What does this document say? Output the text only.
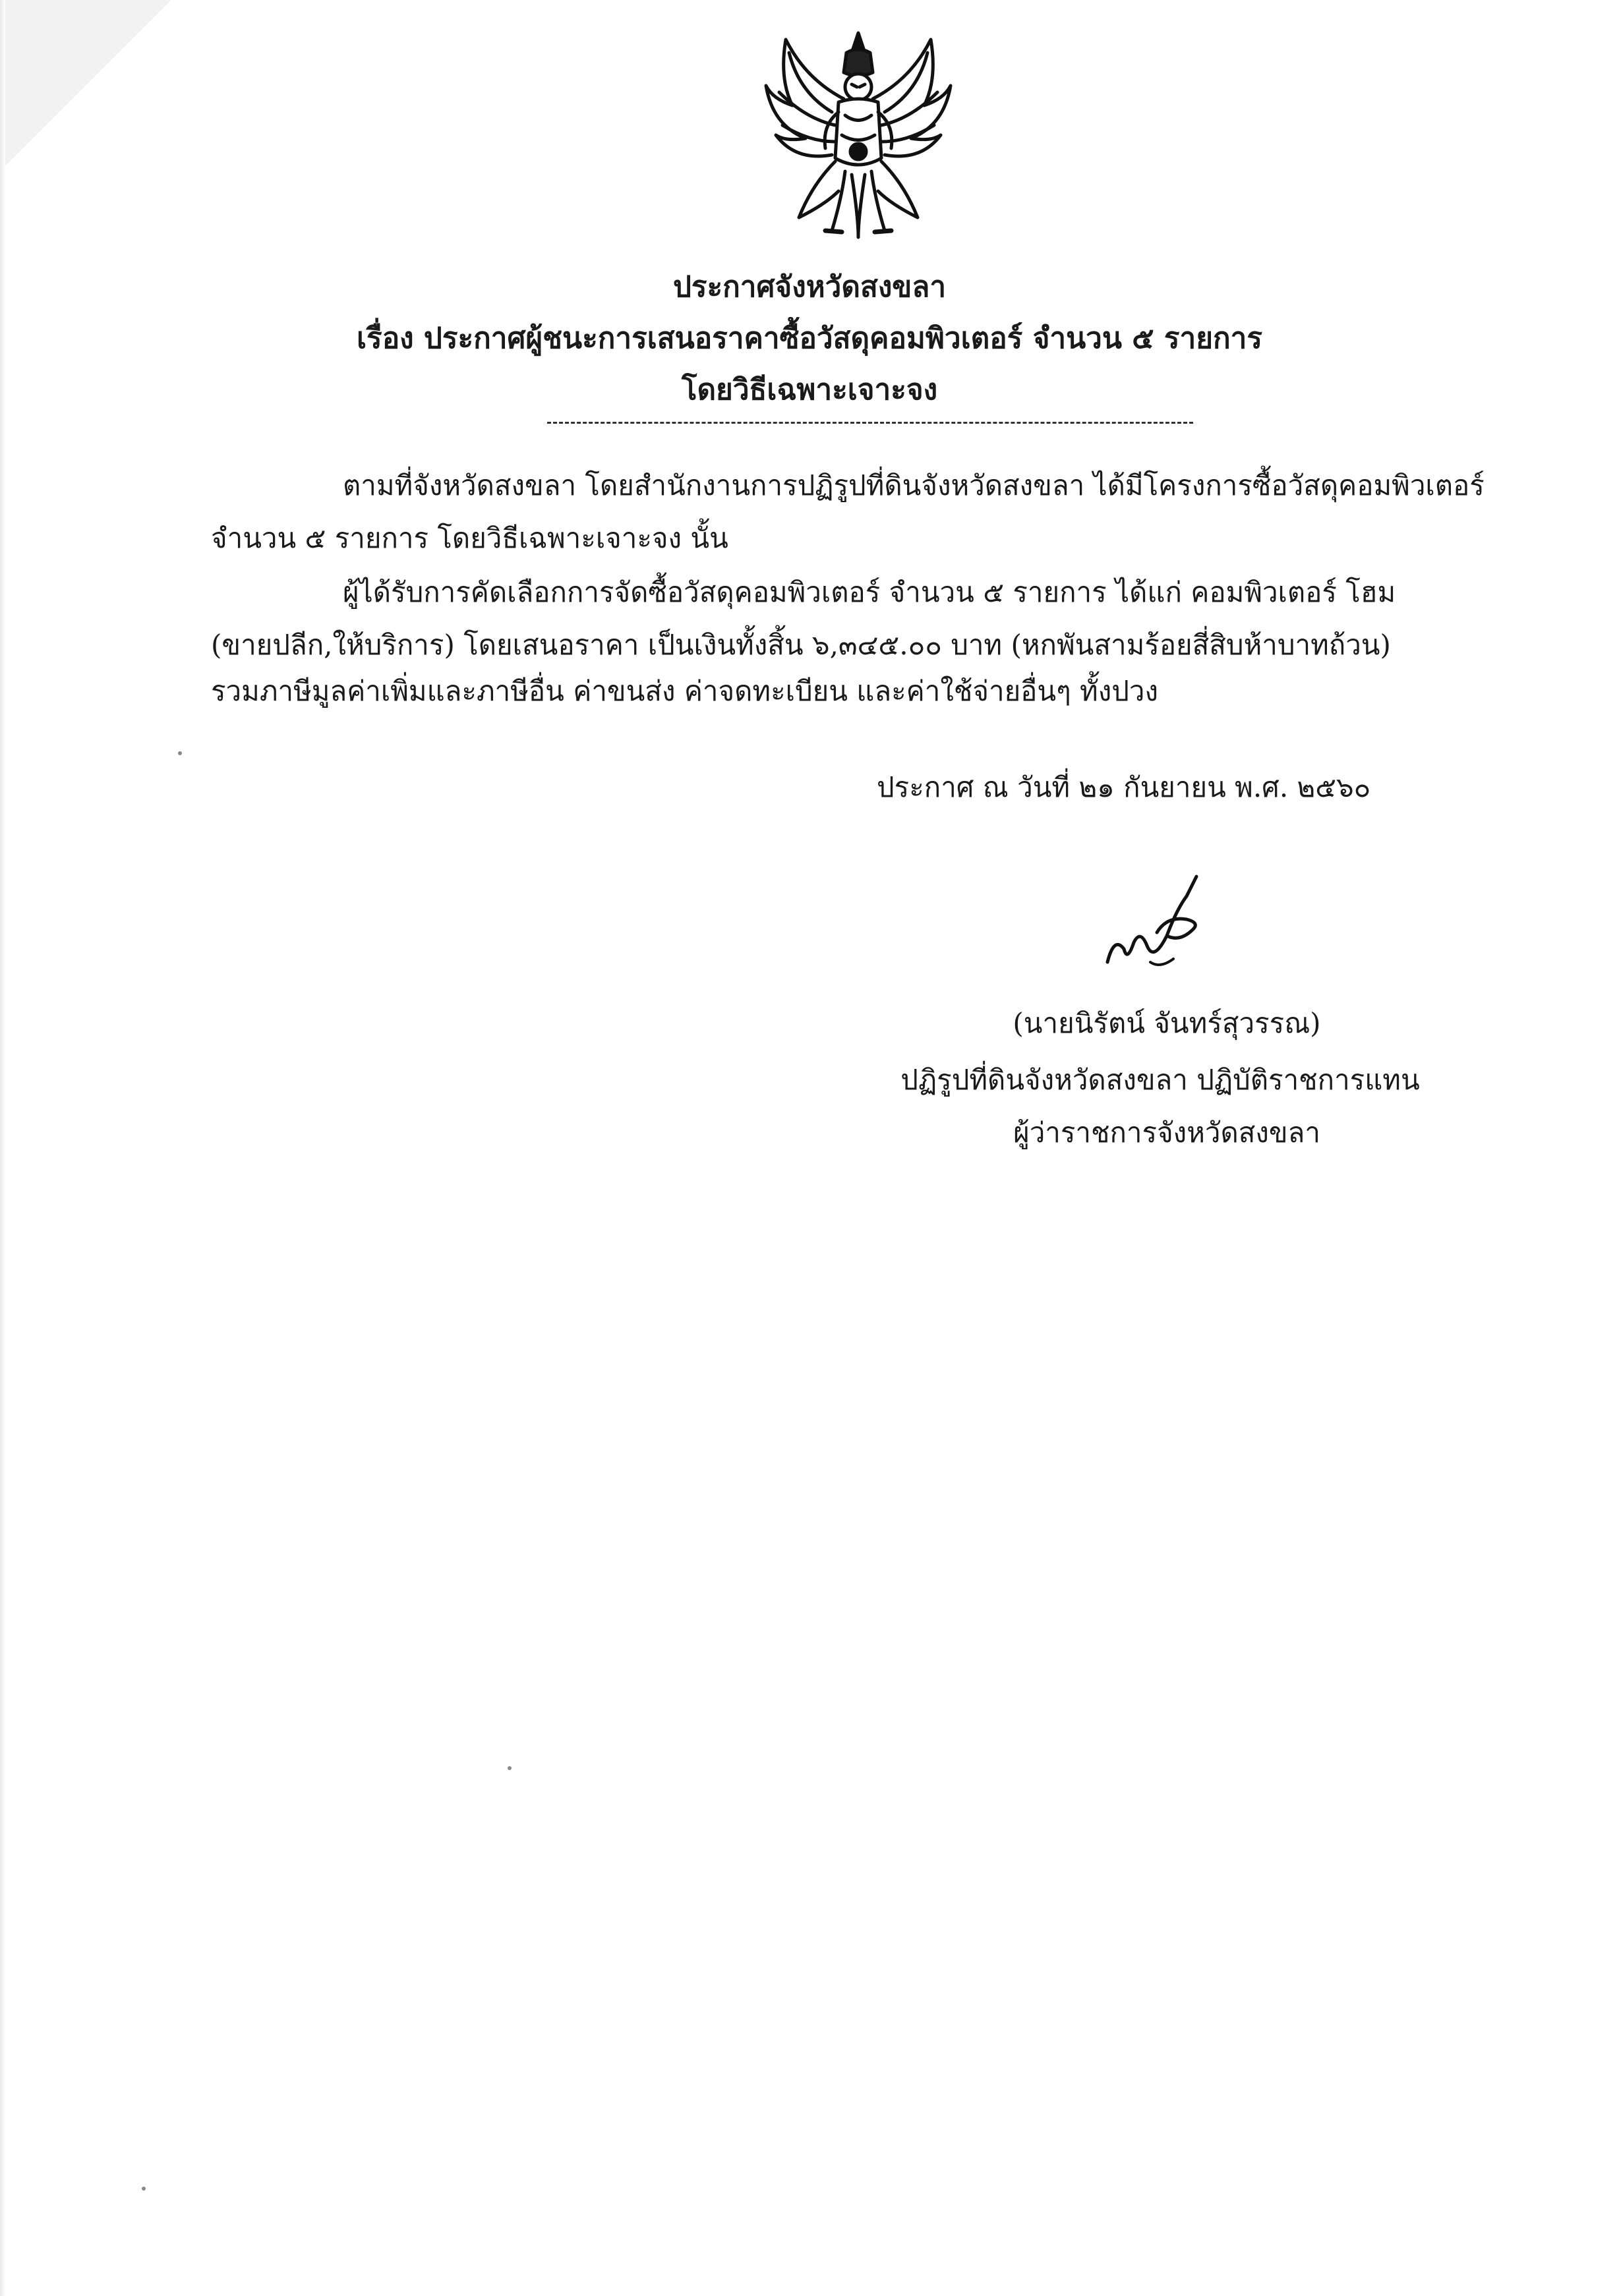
ประกาศจังหวัดสงขลา
เรื่อง ประกาศผู้ชนะการเสนอราคาซื้อวัสดุคอมพิวเตอร์ จำนวน ๕ รายการ
โดยวิธีเฉพาะเจาะจง
ตามที่จังหวัดสงขลา โดยสำนักงานการปฏิรูปที่ดินจังหวัดสงขลา ได้มีโครงการซื้อวัสดุคอมพิวเตอร์
จำนวน ๕ รายการ โดยวิธีเฉพาะเจาะจง นั้น
ผู้ได้รับการคัดเลือกการจัดซื้อวัสดุคอมพิวเตอร์ จำนวน ๕ รายการ ได้แก่ คอมพิวเตอร์ โฮม
(ขายปลีก,ให้บริการ) โดยเสนอราคา เป็นเงินทั้งสิ้น ๖,๓๔๕.๐๐ บาท (หกพันสามร้อยสี่สิบห้าบาทถ้วน)
รวมภาษีมูลค่าเพิ่มและภาษีอื่น ค่าขนส่ง ค่าจดทะเบียน และค่าใช้จ่ายอื่นๆ ทั้งปวง
ประกาศ ณ วันที่ ๒๑ กันยายน พ.ศ. ๒๕๖๐
(นายนิรัตน์ จันทร์สุวรรณ)
ปฏิรูปที่ดินจังหวัดสงขลา ปฏิบัติราชการแทน
ผู้ว่าราชการจังหวัดสงขลา
